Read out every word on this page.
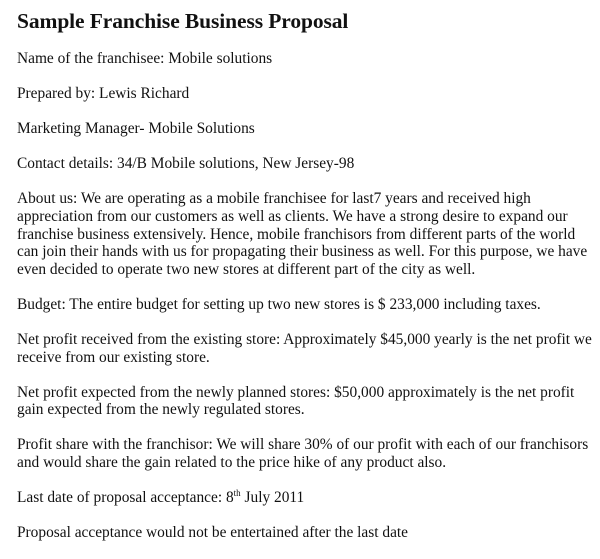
Sample Franchise Business Proposal
Name of the franchisee: Mobile solutions
Prepared by: Lewis Richard
Marketing Manager- Mobile Solutions
Contact details: 34/B Mobile solutions, New Jersey-98
About us: We are operating as a mobile franchisee for last7 years and received high appreciation from our customers as well as clients. We have a strong desire to expand our franchise business extensively. Hence, mobile franchisors from different parts of the world can join their hands with us for propagating their business as well. For this purpose, we have even decided to operate two new stores at different part of the city as well.
Budget: The entire budget for setting up two new stores is $ 233,000 including taxes.
Net profit received from the existing store: Approximately $45,000 yearly is the net profit we receive from our existing store.
Net profit expected from the newly planned stores: $50,000 approximately is the net profit gain expected from the newly regulated stores.
Profit share with the franchisor: We will share 30% of our profit with each of our franchisors and would share the gain related to the price hike of any product also.
Last date of proposal acceptance: 8th July 2011
Proposal acceptance would not be entertained after the last date
